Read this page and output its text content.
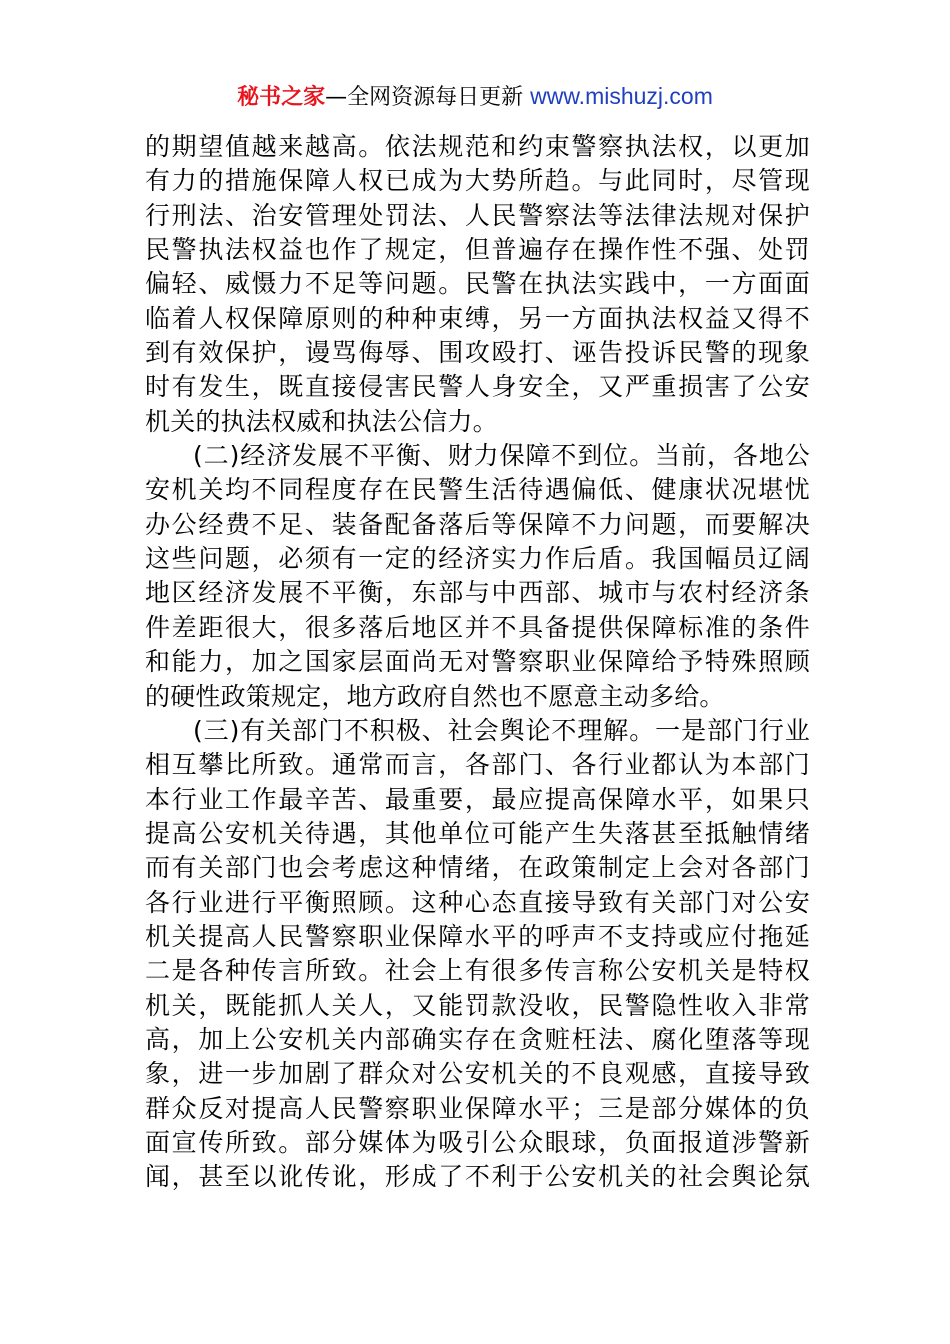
秘书之家—全网资源每日更新 www.mishuzj.com
的期望值越来越高。依法规范和约束警察执法权，以更加
有力的措施保障人权已成为大势所趋。与此同时，尽管现
行刑法、治安管理处罚法、人民警察法等法律法规对保护
民警执法权益也作了规定，但普遍存在操作性不强、处罚
偏轻、威慑力不足等问题。民警在执法实践中，一方面面
临着人权保障原则的种种束缚，另一方面执法权益又得不
到有效保护，谩骂侮辱、围攻殴打、诬告投诉民警的现象
时有发生，既直接侵害民警人身安全，又严重损害了公安
机关的执法权威和执法公信力。
(二)经济发展不平衡、财力保障不到位。当前，各地公
安机关均不同程度存在民警生活待遇偏低、健康状况堪忧
办公经费不足、装备配备落后等保障不力问题，而要解决
这些问题，必须有一定的经济实力作后盾。我国幅员辽阔
地区经济发展不平衡，东部与中西部、城市与农村经济条
件差距很大，很多落后地区并不具备提供保障标准的条件
和能力，加之国家层面尚无对警察职业保障给予特殊照顾
的硬性政策规定，地方政府自然也不愿意主动多给。
(三)有关部门不积极、社会舆论不理解。一是部门行业
相互攀比所致。通常而言，各部门、各行业都认为本部门
本行业工作最辛苦、最重要，最应提高保障水平，如果只
提高公安机关待遇，其他单位可能产生失落甚至抵触情绪
而有关部门也会考虑这种情绪，在政策制定上会对各部门
各行业进行平衡照顾。这种心态直接导致有关部门对公安
机关提高人民警察职业保障水平的呼声不支持或应付拖延
二是各种传言所致。社会上有很多传言称公安机关是特权
机关，既能抓人关人，又能罚款没收，民警隐性收入非常
高，加上公安机关内部确实存在贪赃枉法、腐化堕落等现
象，进一步加剧了群众对公安机关的不良观感，直接导致
群众反对提高人民警察职业保障水平；三是部分媒体的负
面宣传所致。部分媒体为吸引公众眼球，负面报道涉警新
闻，甚至以讹传讹，形成了不利于公安机关的社会舆论氛
